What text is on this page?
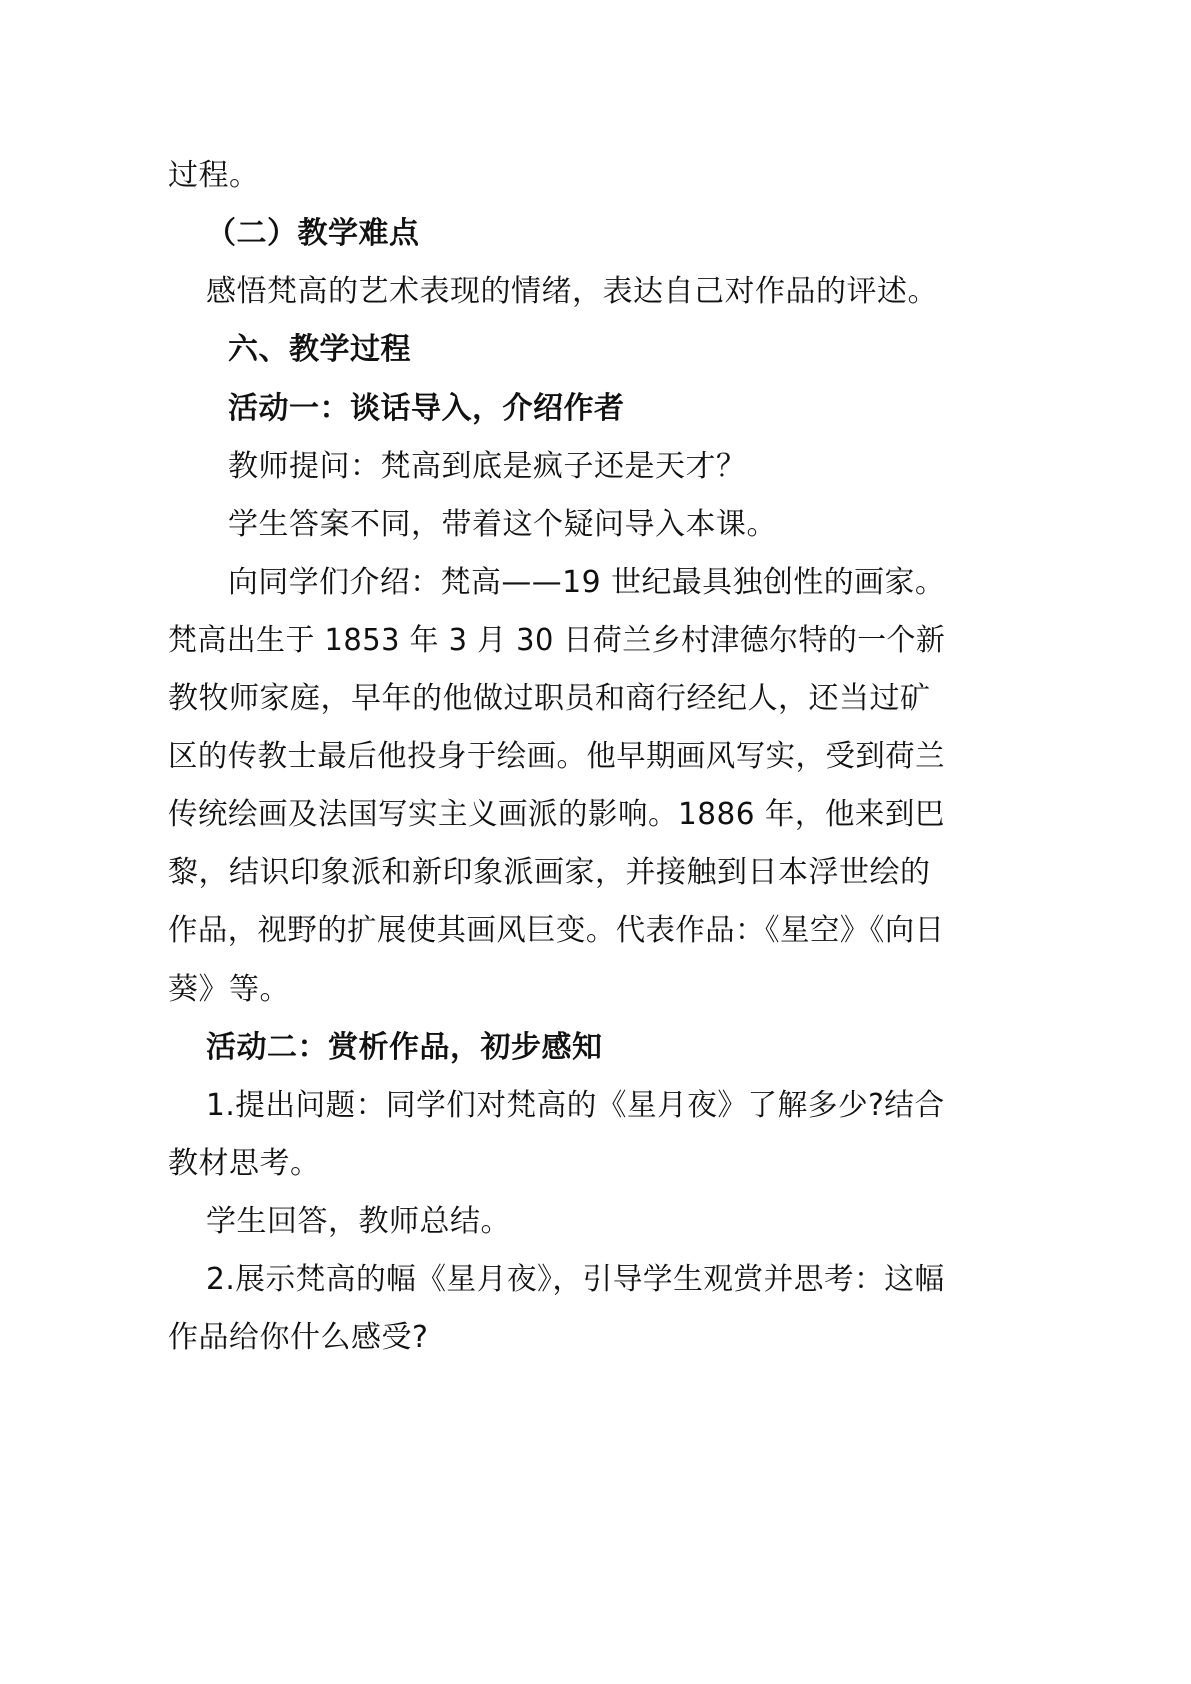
过程。
（二）教学难点
感悟梵高的艺术表现的情绪，表达自己对作品的评述。
六、教学过程
活动一：谈话导入，介绍作者
教师提问：梵高到底是疯子还是天才？
学生答案不同，带着这个疑问导入本课。
向同学们介绍：梵高——19 世纪最具独创性的画家。
梵高出生于 1853 年 3 月 30 日荷兰乡村津德尔特的一个新
教牧师家庭，早年的他做过职员和商行经纪人，还当过矿
区的传教士最后他投身于绘画。他早期画风写实，受到荷兰
传统绘画及法国写实主义画派的影响。1886 年，他来到巴
黎，结识印象派和新印象派画家，并接触到日本浮世绘的
作品，视野的扩展使其画风巨变。代表作品：《星空》《向日
葵》等。
活动二：赏析作品，初步感知
1.提出问题：同学们对梵高的《星月夜》了解多少?结合
教材思考。
学生回答，教师总结。
2.展示梵高的幅《星月夜》，引导学生观赏并思考：这幅
作品给你什么感受?
